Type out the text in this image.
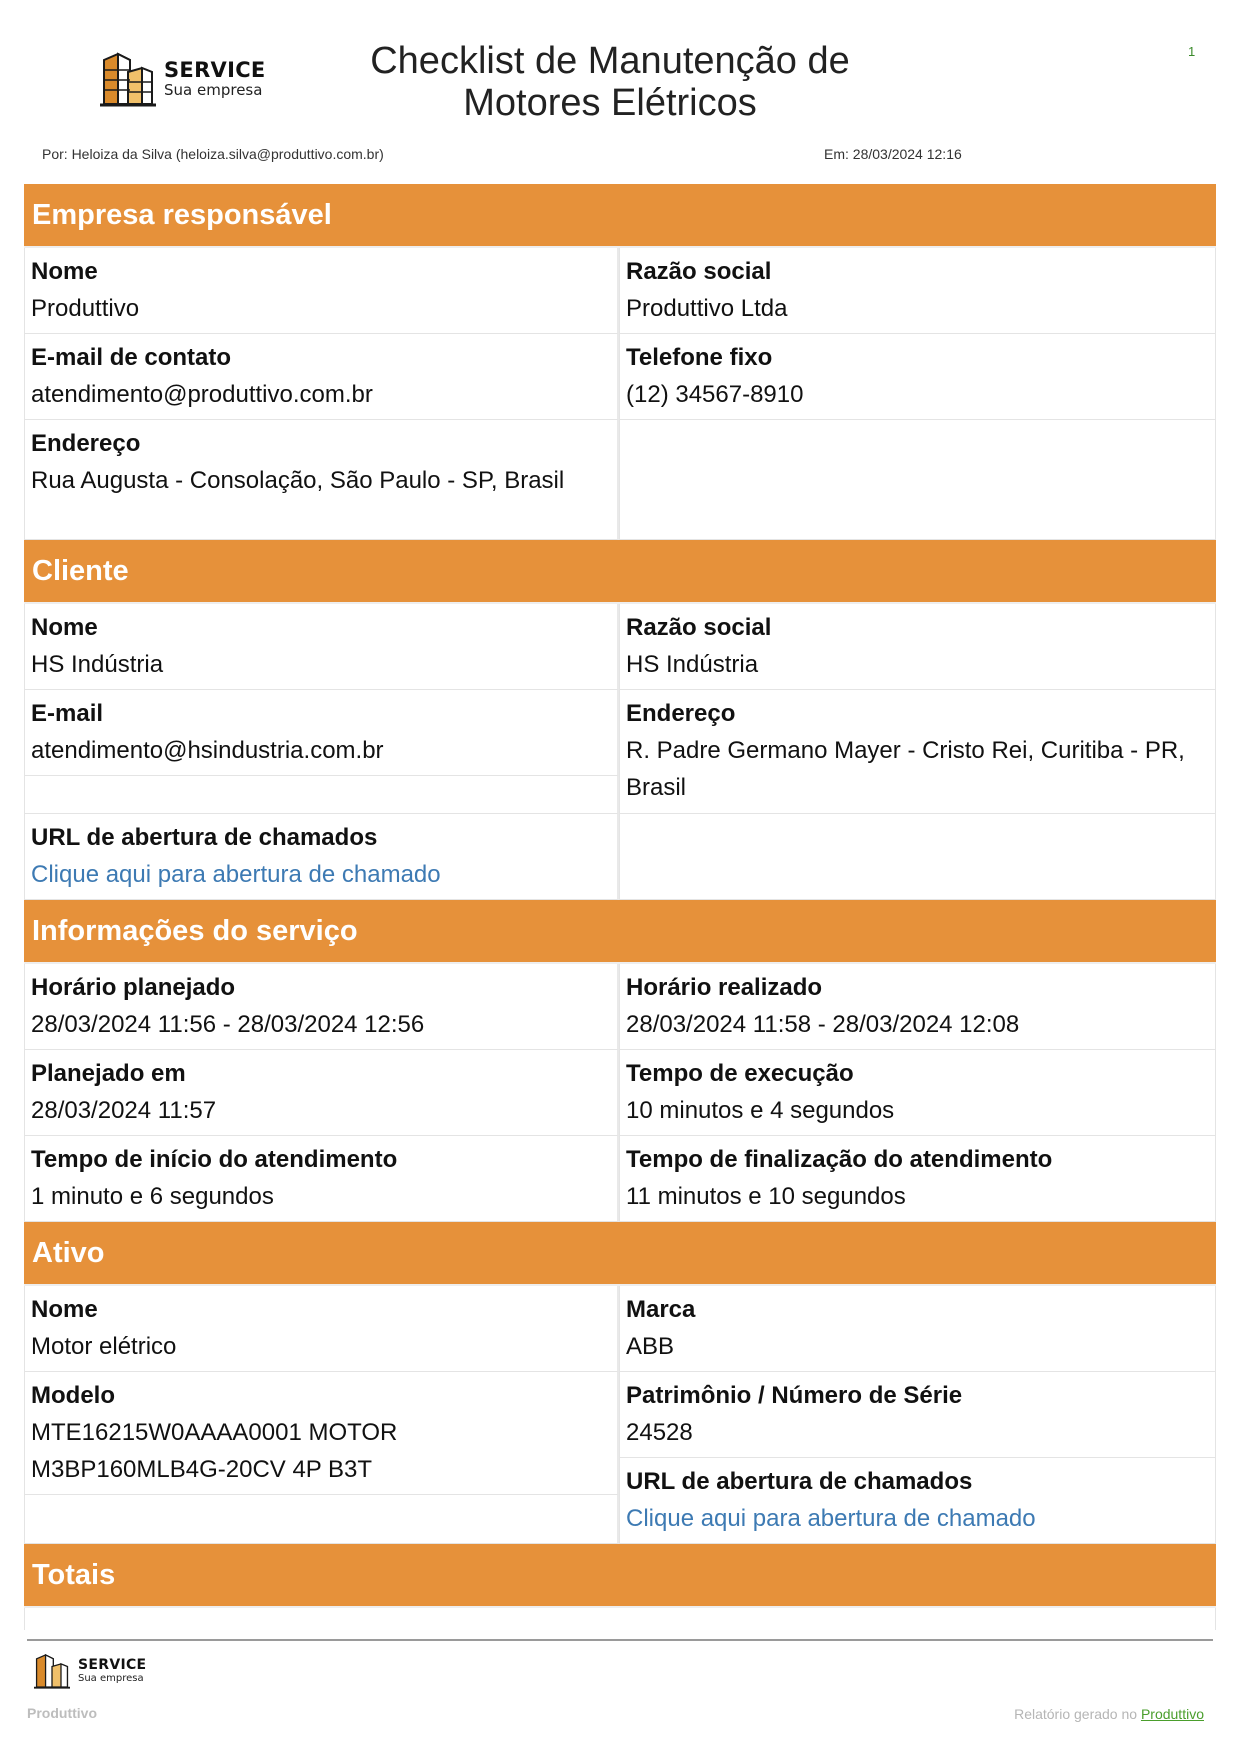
1
SERVICE
Sua empresa
Checklist de Manutenção de Motores Elétricos
Por: Heloiza da Silva (heloiza.silva@produttivo.com.br)	Em: 28/03/2024 12:16
Empresa responsável
Nome
Produttivo
Razão social
Produttivo Ltda
E-mail de contato
atendimento@produttivo.com.br
Telefone fixo
(12) 34567-8910
Endereço
Rua Augusta - Consolação, São Paulo - SP, Brasil
Cliente
Nome
HS Indústria
Razão social
HS Indústria
E-mail
atendimento@hsindustria.com.br
Endereço
R. Padre Germano Mayer - Cristo Rei, Curitiba - PR, Brasil
URL de abertura de chamados
Clique aqui para abertura de chamado
Informações do serviço
Horário planejado
28/03/2024 11:56 - 28/03/2024 12:56
Horário realizado
28/03/2024 11:58 - 28/03/2024 12:08
Planejado em
28/03/2024 11:57
Tempo de execução
10 minutos e 4 segundos
Tempo de início do atendimento
1 minuto e 6 segundos
Tempo de finalização do atendimento
11 minutos e 10 segundos
Ativo
Nome
Motor elétrico
Marca
ABB
Modelo
MTE16215W0AAAA0001 MOTOR M3BP160MLB4G-20CV 4P B3T
Patrimônio / Número de Série
24528
URL de abertura de chamados
Clique aqui para abertura de chamado
Totais
SERVICE
Sua empresa
Produttivo	Relatório gerado no Produttivo
